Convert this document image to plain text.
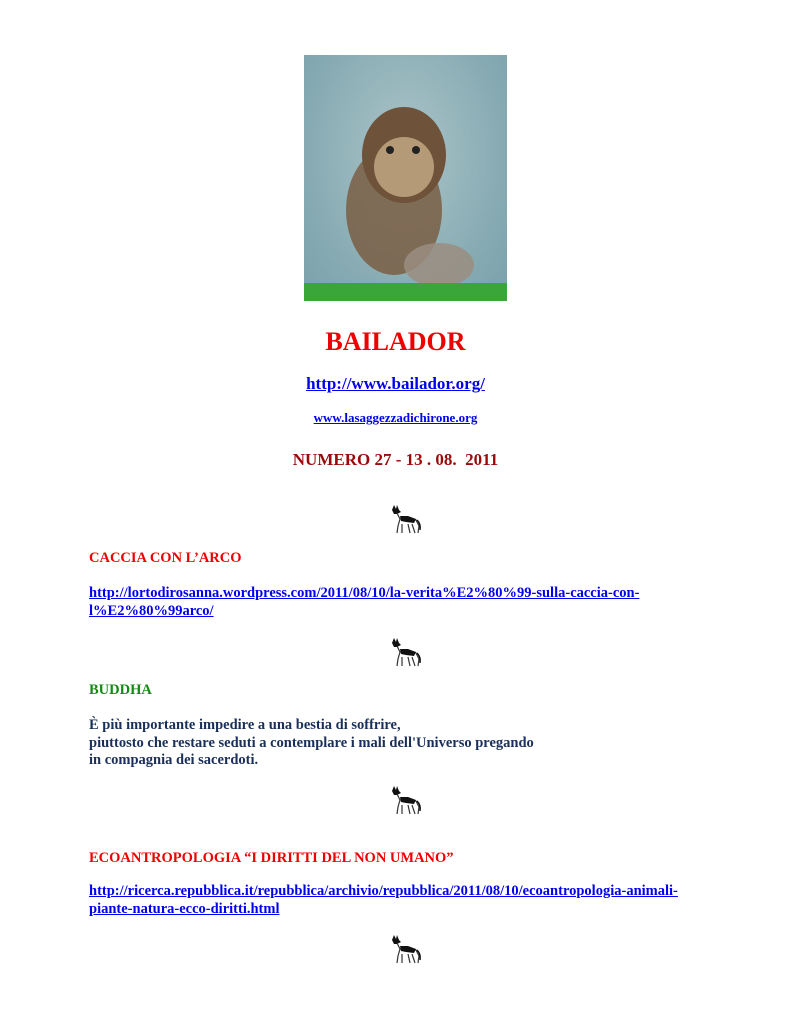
BAILADOR
http://www.bailador.org/
www.lasaggezzadichirone.org
NUMERO 27 - 13 . 08.  2011
CACCIA CON L’ARCO
http://lortodirosanna.wordpress.com/2011/08/10/la-verita%E2%80%99-sulla-caccia-con-
l%E2%80%99arco/
BUDDHA
È più importante impedire a una bestia di soffrire,
piuttosto che restare seduti a contemplare i mali dell'Universo pregando
in compagnia dei sacerdoti.
ECOANTROPOLOGIA “I DIRITTI DEL NON UMANO”
http://ricerca.repubblica.it/repubblica/archivio/repubblica/2011/08/10/ecoantropologia-animali-
piante-natura-ecco-diritti.html
